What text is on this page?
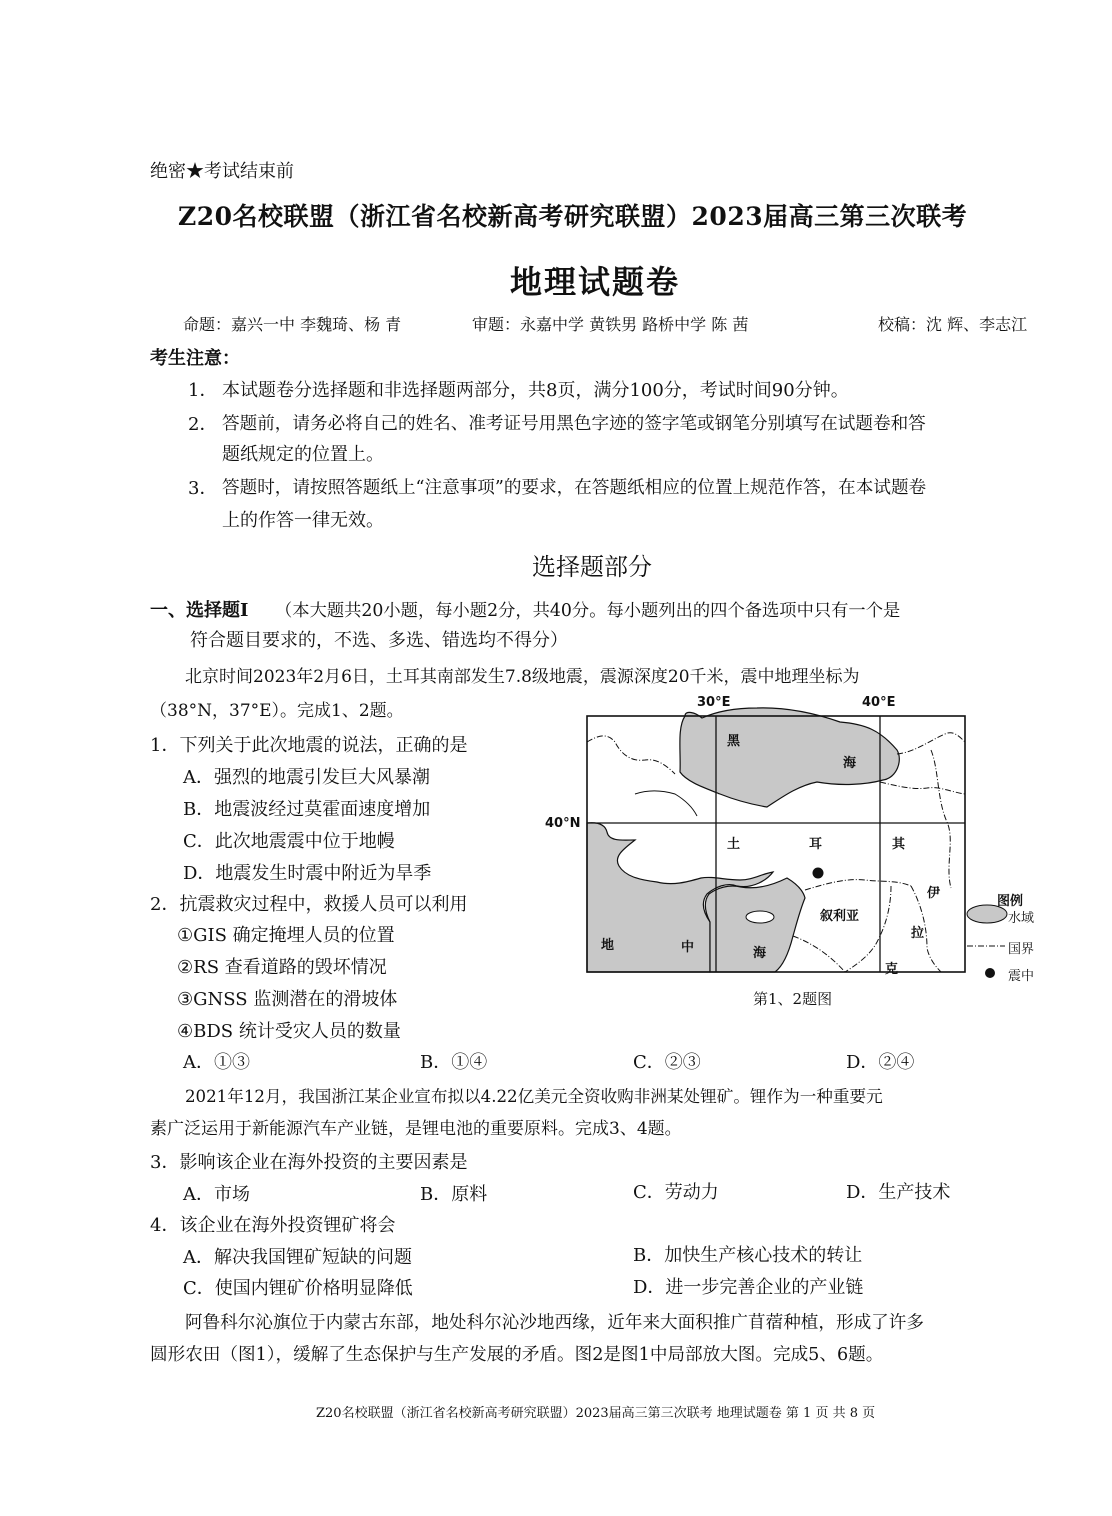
绝密★考试结束前
Z20名校联盟（浙江省名校新高考研究联盟）2023届高三第三次联考
地理试题卷
命题：嘉兴一中 李魏琦、杨 青	审题：永嘉中学 黄铁男 路桥中学 陈 茜	校稿：沈 辉、李志江
考生注意：
1． 本试题卷分选择题和非选择题两部分，共8页，满分100分，考试时间90分钟。
2． 答题前，请务必将自己的姓名、准考证号用黑色字迹的签字笔或钢笔分别填写在试题卷和答
题纸规定的位置上。
3． 答题时，请按照答题纸上“注意事项”的要求，在答题纸相应的位置上规范作答，在本试题卷
上的作答一律无效。
选择题部分
一、选择题Ⅰ （本大题共20小题，每小题2分，共40分。每小题列出的四个备选项中只有一个是
符合题目要求的，不选、多选、错选均不得分）
北京时间2023年2月6日，土耳其南部发生7.8级地震，震源深度20千米，震中地理坐标为
（38°N，37°E）。完成1、2题。
1．下列关于此次地震的说法，正确的是
A．强烈的地震引发巨大风暴潮
B．地震波经过莫霍面速度增加
C．此次地震震中位于地幔
D．地震发生时震中附近为旱季
2．抗震救灾过程中，救援人员可以利用
①GIS 确定掩埋人员的位置
②RS 查看道路的毁坏情况
③GNSS 监测潜在的滑坡体
④BDS 统计受灾人员的数量
A．①③	B．①④	C．②③	D．②④
30°E	40°E
40°N
黑
海
土	耳	其
伊
拉
克
叙利亚
地	中	海
图例
水域
国界
震中
第1、2题图
2021年12月，我国浙江某企业宣布拟以4.22亿美元全资收购非洲某处锂矿。锂作为一种重要元
素广泛运用于新能源汽车产业链，是锂电池的重要原料。完成3、4题。
3．影响该企业在海外投资的主要因素是
A．市场	B．原料	C．劳动力	D．生产技术
4．该企业在海外投资锂矿将会
A．解决我国锂矿短缺的问题	B．加快生产核心技术的转让
C．使国内锂矿价格明显降低	D．进一步完善企业的产业链
阿鲁科尔沁旗位于内蒙古东部，地处科尔沁沙地西缘，近年来大面积推广苜蓿种植，形成了许多
圆形农田（图1），缓解了生态保护与生产发展的矛盾。图2是图1中局部放大图。完成5、6题。
Z20名校联盟（浙江省名校新高考研究联盟）2023届高三第三次联考 地理试题卷 第 1 页 共 8 页
